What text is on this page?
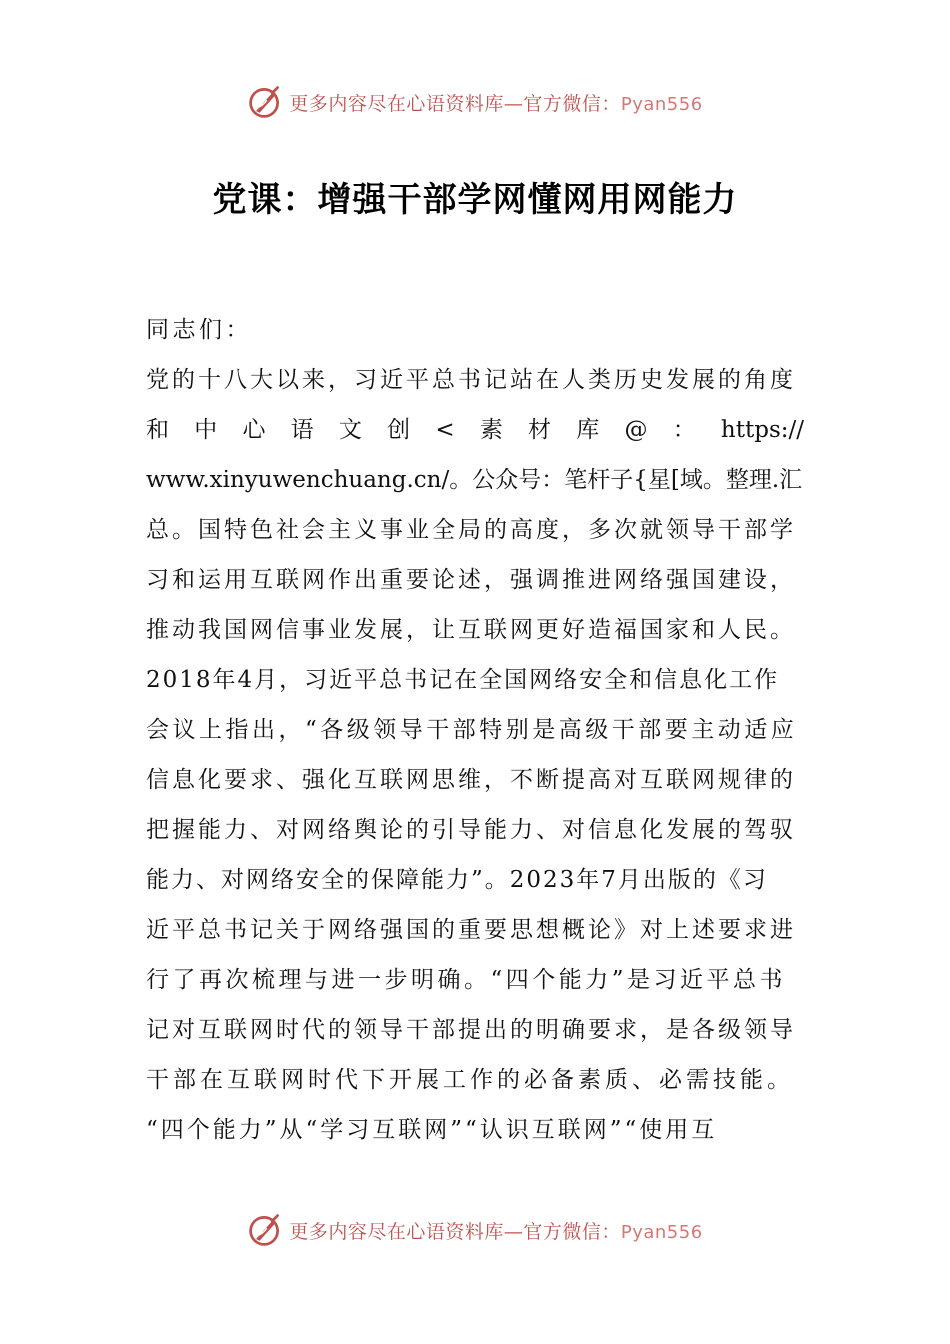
更多内容尽在心语资料库—官方微信：Pyan556
党课：增强干部学网懂网用网能力
同志们：
党的十八大以来，习近平总书记站在人类历史发展的角度
和中心语文创<素材库@：https://
www.xinyuwenchuang.cn/。公众号：笔杆子{星[域。整理.汇
总。国特色社会主义事业全局的高度，多次就领导干部学
习和运用互联网作出重要论述，强调推进网络强国建设，
推动我国网信事业发展，让互联网更好造福国家和人民。
2018年4月，习近平总书记在全国网络安全和信息化工作
会议上指出，“各级领导干部特别是高级干部要主动适应
信息化要求、强化互联网思维，不断提高对互联网规律的
把握能力、对网络舆论的引导能力、对信息化发展的驾驭
能力、对网络安全的保障能力”。2023年7月出版的《习
近平总书记关于网络强国的重要思想概论》对上述要求进
行了再次梳理与进一步明确。“四个能力”是习近平总书
记对互联网时代的领导干部提出的明确要求，是各级领导
干部在互联网时代下开展工作的必备素质、必需技能。
“四个能力”从“学习互联网”“认识互联网”“使用互
更多内容尽在心语资料库—官方微信：Pyan556
